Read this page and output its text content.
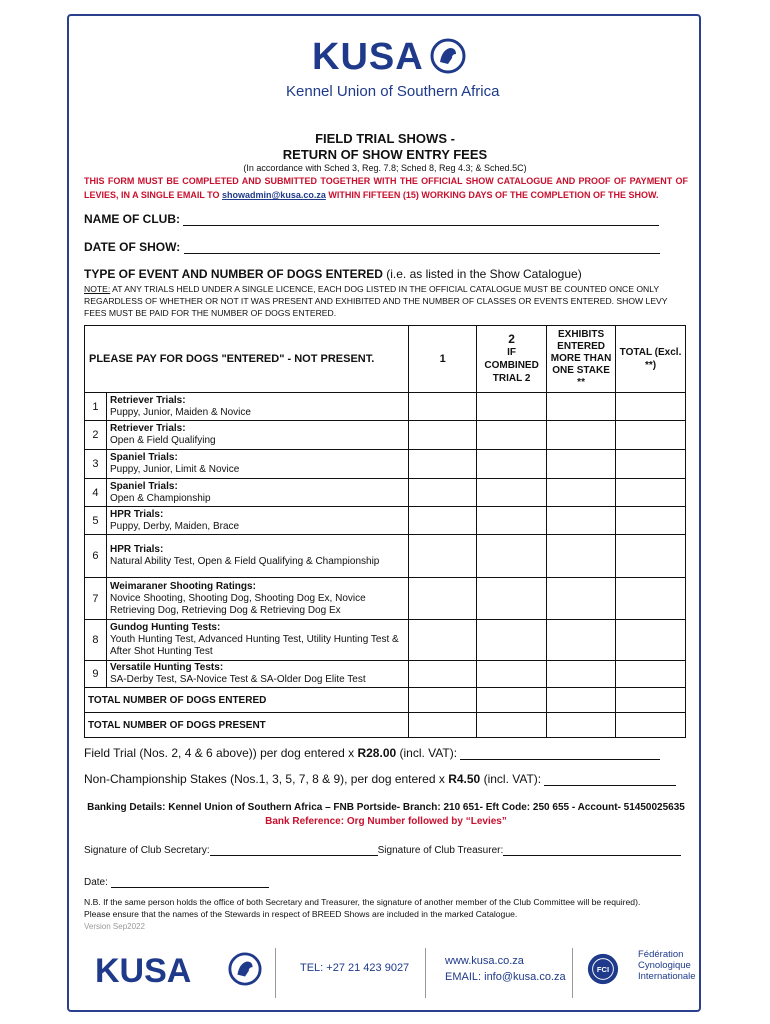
KUSA
Kennel Union of Southern Africa
FIELD TRIAL SHOWS -
RETURN OF SHOW ENTRY FEES
(In accordance with Sched 3, Reg. 7.8; Sched 8, Reg 4.3; & Sched.5C)
THIS FORM MUST BE COMPLETED AND SUBMITTED TOGETHER WITH THE OFFICIAL SHOW CATALOGUE AND PROOF OF PAYMENT OF LEVIES, IN A SINGLE EMAIL TO showadmin@kusa.co.za WITHIN FIFTEEN (15) WORKING DAYS OF THE COMPLETION OF THE SHOW.
NAME OF CLUB:
DATE OF SHOW:
TYPE OF EVENT AND NUMBER OF DOGS ENTERED (i.e. as listed in the Show Catalogue)
NOTE: AT ANY TRIALS HELD UNDER A SINGLE LICENCE, EACH DOG LISTED IN THE OFFICIAL CATALOGUE MUST BE COUNTED ONCE ONLY REGARDLESS OF WHETHER OR NOT IT WAS PRESENT AND EXHIBITED AND THE NUMBER OF CLASSES OR EVENTS ENTERED. SHOW LEVY FEES MUST BE PAID FOR THE NUMBER OF DOGS ENTERED.
PLEASE PAY FOR DOGS "ENTERED" - NOT PRESENT.		1	2
IF COMBINED TRIAL 2	EXHIBITS ENTERED MORE THAN ONE STAKE **	TOTAL (Excl. **)
1	Retriever Trials:
Puppy, Junior, Maiden & Novice				

2	Retriever Trials:
Open & Field Qualifying				

3	Spaniel Trials:
Puppy, Junior, Limit & Novice				

4	Spaniel Trials:
Open & Championship				

5	HPR Trials:
Puppy, Derby, Maiden, Brace				

6	HPR Trials:
Natural Ability Test, Open & Field Qualifying & Championship				

7	Weimaraner Shooting Ratings:
Novice Shooting, Shooting Dog, Shooting Dog Ex, Novice Retrieving Dog, Retrieving Dog & Retrieving Dog Ex				

8	Gundog Hunting Tests:
Youth Hunting Test, Advanced Hunting Test, Utility Hunting Test & After Shot Hunting Test				

9	Versatile Hunting Tests:
SA-Derby Test, SA-Novice Test & SA-Older Dog Elite Test				

TOTAL NUMBER OF DOGS ENTERED					
TOTAL NUMBER OF DOGS PRESENT					
Field Trial (Nos. 2, 4 & 6 above)) per dog entered x R28.00 (incl. VAT):
Non-Championship Stakes (Nos.1, 3, 5, 7, 8 & 9), per dog entered x R4.50 (incl. VAT):
Banking Details: Kennel Union of Southern Africa – FNB Portside- Branch: 210 651- Eft Code: 250 655 - Account- 51450025635
Bank Reference: Org Number followed by “Levies”
Signature of Club Secretary:	Signature of Club Treasurer:
Date:
N.B. If the same person holds the office of both Secretary and Treasurer, the signature of another member of the Club Committee will be required).
Please ensure that the names of the Stewards in respect of BREED Shows are included in the marked Catalogue.
Version Sep2022
KUSA	TEL: +27 21 423 9027
www.kusa.co.za
EMAIL: info@kusa.co.za
FCI
Fédération
Cynologique
Internationale
